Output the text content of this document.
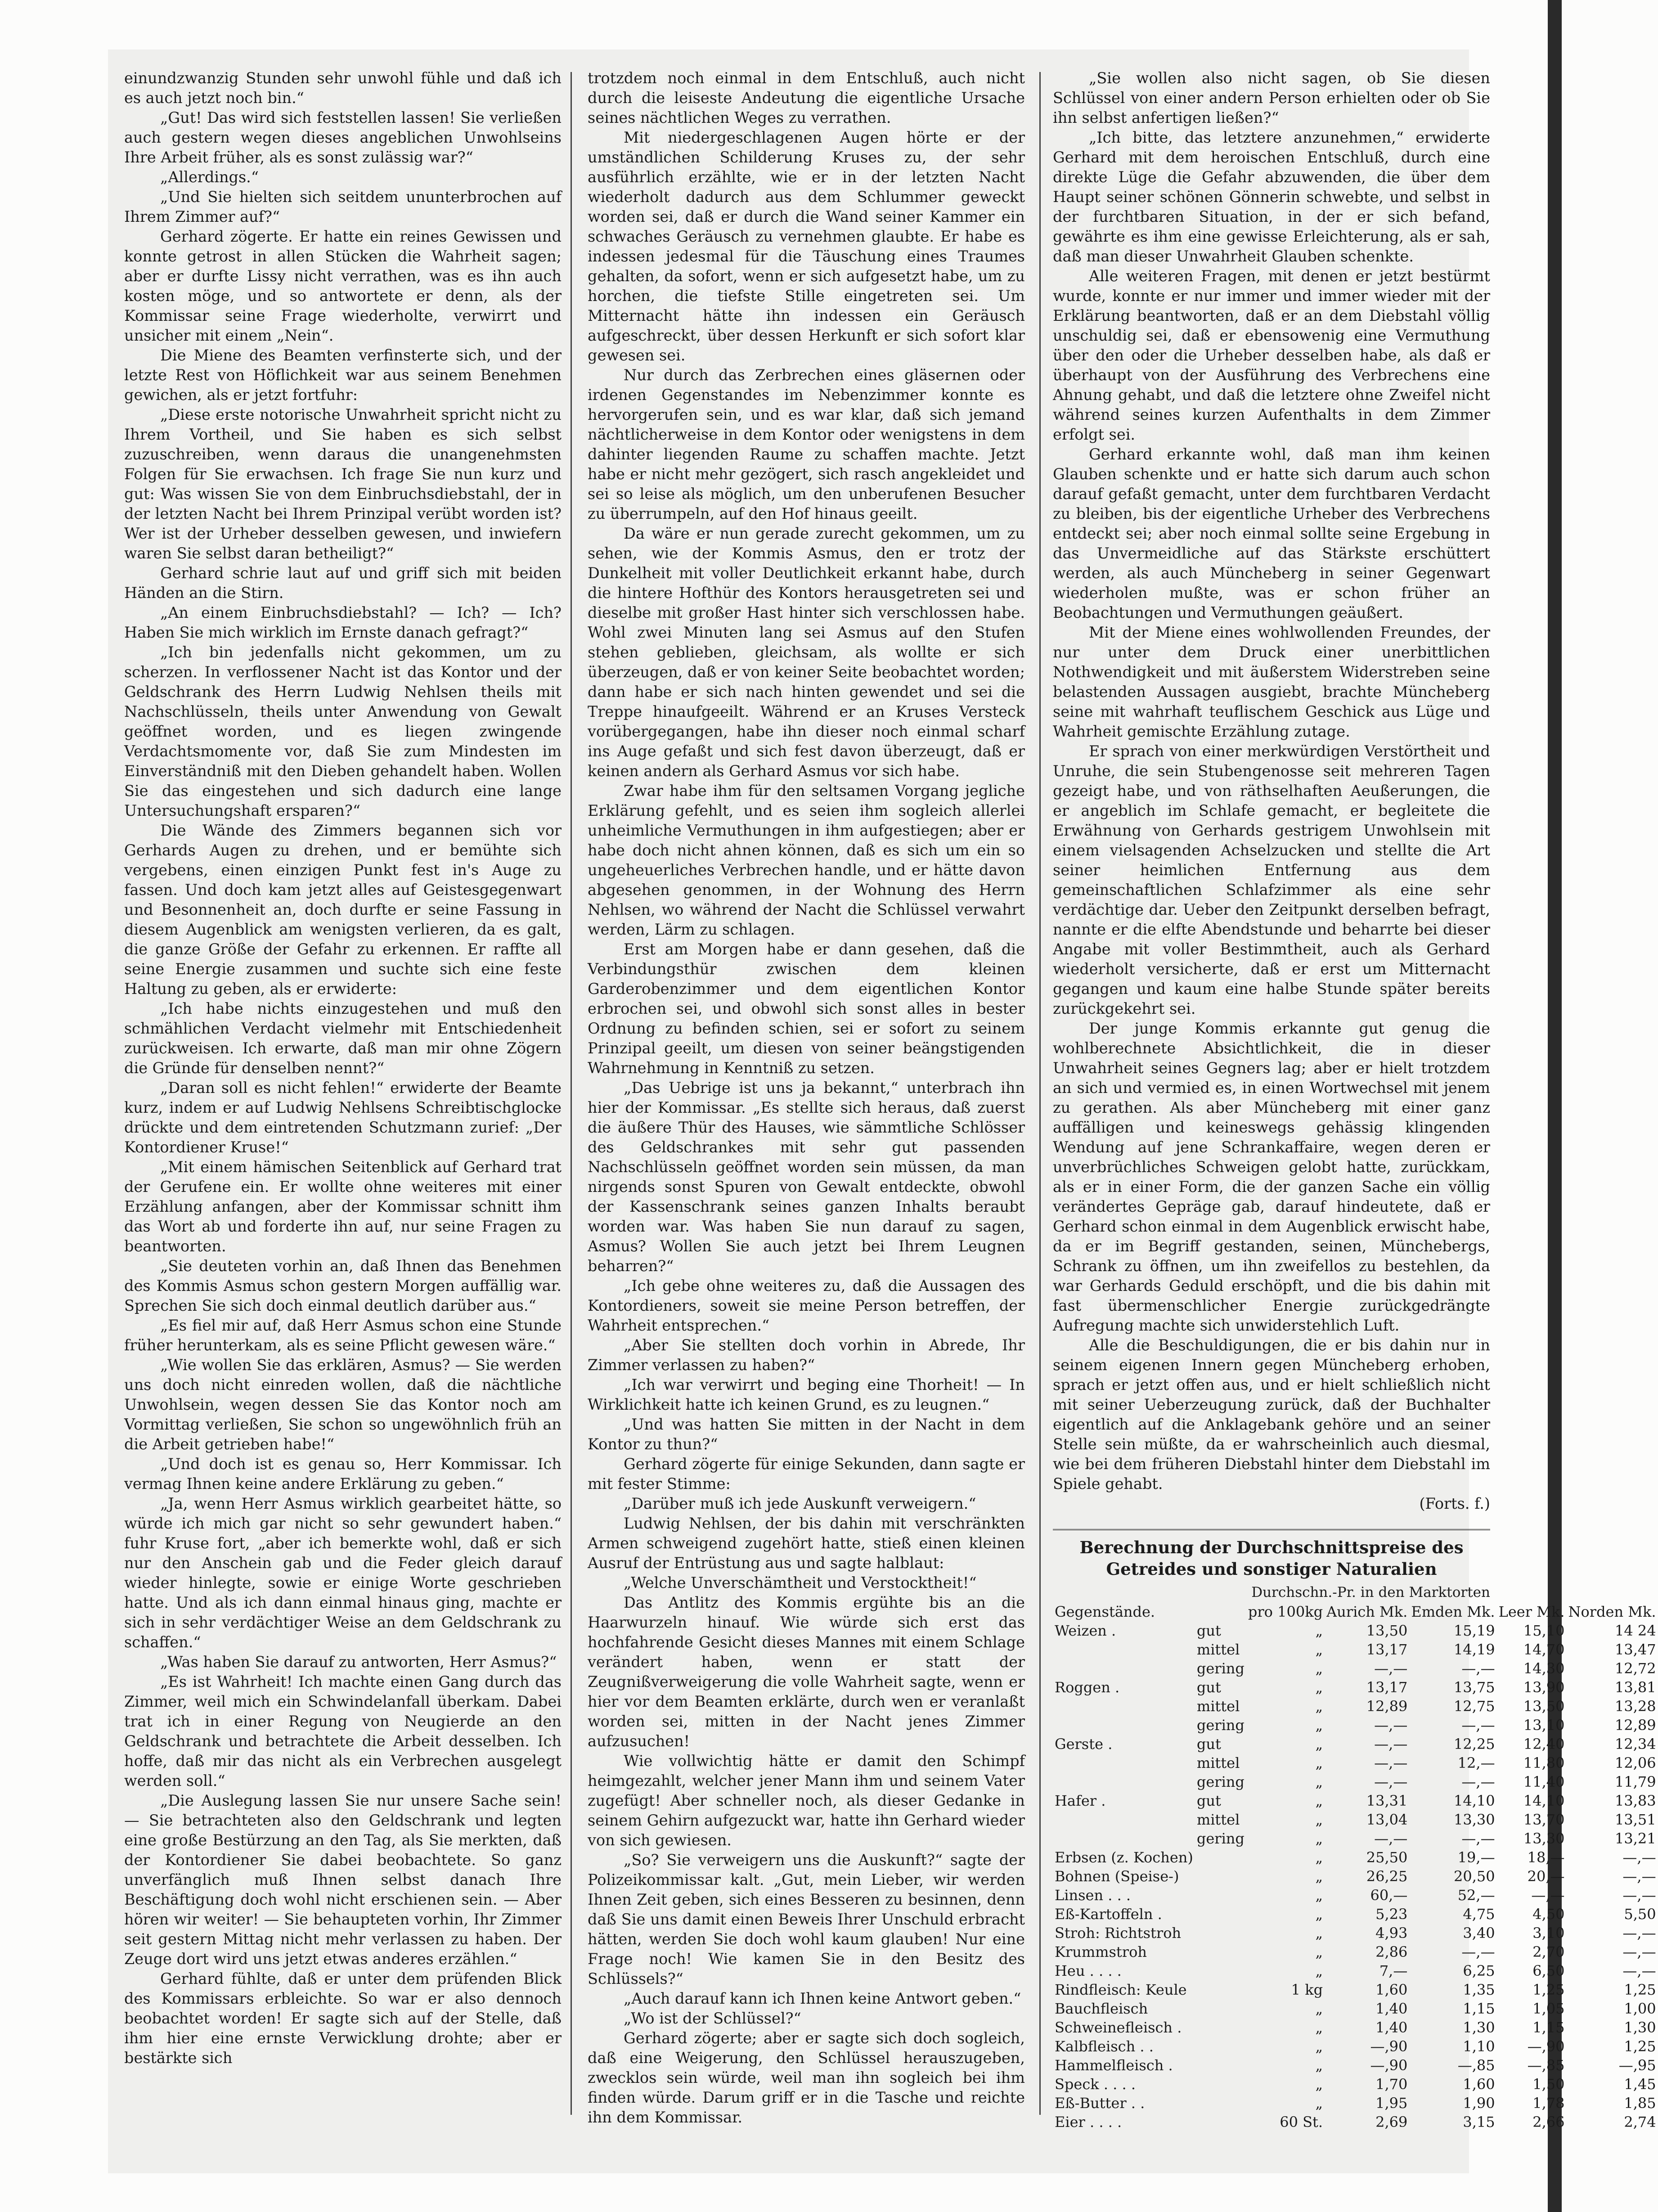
einundzwanzig Stunden sehr unwohl fühle und daß ich es auch jetzt noch bin.“

„Gut! Das wird sich feststellen lassen! Sie verließen auch gestern wegen dieses angeblichen Unwohlseins Ihre Arbeit früher, als es sonst zulässig war?“

„Allerdings.“

„Und Sie hielten sich seitdem ununterbrochen auf Ihrem Zimmer auf?“

Gerhard zögerte. Er hatte ein reines Gewissen und konnte getrost in allen Stücken die Wahrheit sagen; aber er durfte Lissy nicht verrathen, was es ihn auch kosten möge, und so antwortete er denn, als der Kommissar seine Frage wiederholte, verwirrt und unsicher mit einem „Nein“.

Die Miene des Beamten verfinsterte sich, und der letzte Rest von Höflichkeit war aus seinem Benehmen gewichen, als er jetzt fortfuhr:

„Diese erste notorische Unwahrheit spricht nicht zu Ihrem Vortheil, und Sie haben es sich selbst zuzuschreiben, wenn daraus die unangenehmsten Folgen für Sie erwachsen. Ich frage Sie nun kurz und gut: Was wissen Sie von dem Einbruchsdiebstahl, der in der letzten Nacht bei Ihrem Prinzipal verübt worden ist? Wer ist der Urheber desselben gewesen, und inwiefern waren Sie selbst daran betheiligt?“

Gerhard schrie laut auf und griff sich mit beiden Händen an die Stirn.

„An einem Einbruchsdiebstahl? — Ich? — Ich? Haben Sie mich wirklich im Ernste danach gefragt?“

„Ich bin jedenfalls nicht gekommen, um zu scherzen. In verflossener Nacht ist das Kontor und der Geldschrank des Herrn Ludwig Nehlsen theils mit Nachschlüsseln, theils unter Anwendung von Gewalt geöffnet worden, und es liegen zwingende Verdachtsmomente vor, daß Sie zum Mindesten im Einverständniß mit den Dieben gehandelt haben. Wollen Sie das eingestehen und sich dadurch eine lange Untersuchungshaft ersparen?“

Die Wände des Zimmers begannen sich vor Gerhards Augen zu drehen, und er bemühte sich vergebens, einen einzigen Punkt fest in's Auge zu fassen. Und doch kam jetzt alles auf Geistesgegenwart und Besonnenheit an, doch durfte er seine Fassung in diesem Augenblick am wenigsten verlieren, da es galt, die ganze Größe der Gefahr zu erkennen. Er raffte all seine Energie zusammen und suchte sich eine feste Haltung zu geben, als er erwiderte:

„Ich habe nichts einzugestehen und muß den schmählichen Verdacht vielmehr mit Entschiedenheit zurückweisen. Ich erwarte, daß man mir ohne Zögern die Gründe für denselben nennt?“

„Daran soll es nicht fehlen!“ erwiderte der Beamte kurz, indem er auf Ludwig Nehlsens Schreibtischglocke drückte und dem eintretenden Schutzmann zurief: „Der Kontordiener Kruse!“

„Mit einem hämischen Seitenblick auf Gerhard trat der Gerufene ein. Er wollte ohne weiteres mit einer Erzählung anfangen, aber der Kommissar schnitt ihm das Wort ab und forderte ihn auf, nur seine Fragen zu beantworten.

„Sie deuteten vorhin an, daß Ihnen das Benehmen des Kommis Asmus schon gestern Morgen auffällig war. Sprechen Sie sich doch einmal deutlich darüber aus.“

„Es fiel mir auf, daß Herr Asmus schon eine Stunde früher herunterkam, als es seine Pflicht gewesen wäre.“

„Wie wollen Sie das erklären, Asmus? — Sie werden uns doch nicht einreden wollen, daß die nächtliche Unwohlsein, wegen dessen Sie das Kontor noch am Vormittag verließen, Sie schon so ungewöhnlich früh an die Arbeit getrieben habe!“

„Und doch ist es genau so, Herr Kommissar. Ich vermag Ihnen keine andere Erklärung zu geben.“

„Ja, wenn Herr Asmus wirklich gearbeitet hätte, so würde ich mich gar nicht so sehr gewundert haben.“ fuhr Kruse fort, „aber ich bemerkte wohl, daß er sich nur den Anschein gab und die Feder gleich darauf wieder hinlegte, sowie er einige Worte geschrieben hatte. Und als ich dann einmal hinaus ging, machte er sich in sehr verdächtiger Weise an dem Geldschrank zu schaffen.“

„Was haben Sie darauf zu antworten, Herr Asmus?“

„Es ist Wahrheit! Ich machte einen Gang durch das Zimmer, weil mich ein Schwindelanfall überkam. Dabei trat ich in einer Regung von Neugierde an den Geldschrank und betrachtete die Arbeit desselben. Ich hoffe, daß mir das nicht als ein Verbrechen ausgelegt werden soll.“

„Die Auslegung lassen Sie nur unsere Sache sein! — Sie betrachteten also den Geldschrank und legten eine große Bestürzung an den Tag, als Sie merkten, daß der Kontordiener Sie dabei beobachtete. So ganz unverfänglich muß Ihnen selbst danach Ihre Beschäftigung doch wohl nicht erschienen sein. — Aber hören wir weiter! — Sie behaupteten vorhin, Ihr Zimmer seit gestern Mittag nicht mehr verlassen zu haben. Der Zeuge dort wird uns jetzt etwas anderes erzählen.“

Gerhard fühlte, daß er unter dem prüfenden Blick des Kommissars erbleichte. So war er also dennoch beobachtet worden! Er sagte sich auf der Stelle, daß ihm hier eine ernste Verwicklung drohte; aber er bestärkte sich

trotzdem noch einmal in dem Entschluß, auch nicht durch die leiseste Andeutung die eigentliche Ursache seines nächtlichen Weges zu verrathen.

Mit niedergeschlagenen Augen hörte er der umständlichen Schilderung Kruses zu, der sehr ausführlich erzählte, wie er in der letzten Nacht wiederholt dadurch aus dem Schlummer geweckt worden sei, daß er durch die Wand seiner Kammer ein schwaches Geräusch zu vernehmen glaubte. Er habe es indessen jedesmal für die Täuschung eines Traumes gehalten, da sofort, wenn er sich aufgesetzt habe, um zu horchen, die tiefste Stille eingetreten sei. Um Mitternacht hätte ihn indessen ein Geräusch aufgeschreckt, über dessen Herkunft er sich sofort klar gewesen sei.

Nur durch das Zerbrechen eines gläsernen oder irdenen Gegenstandes im Nebenzimmer konnte es hervorgerufen sein, und es war klar, daß sich jemand nächtlicherweise in dem Kontor oder wenigstens in dem dahinter liegenden Raume zu schaffen machte. Jetzt habe er nicht mehr gezögert, sich rasch angekleidet und sei so leise als möglich, um den unberufenen Besucher zu überrumpeln, auf den Hof hinaus geeilt.

Da wäre er nun gerade zurecht gekommen, um zu sehen, wie der Kommis Asmus, den er trotz der Dunkelheit mit voller Deutlichkeit erkannt habe, durch die hintere Hofthür des Kontors herausgetreten sei und dieselbe mit großer Hast hinter sich verschlossen habe. Wohl zwei Minuten lang sei Asmus auf den Stufen stehen geblieben, gleichsam, als wollte er sich überzeugen, daß er von keiner Seite beobachtet worden; dann habe er sich nach hinten gewendet und sei die Treppe hinaufgeeilt. Während er an Kruses Versteck vorübergegangen, habe ihn dieser noch einmal scharf ins Auge gefaßt und sich fest davon überzeugt, daß er keinen andern als Gerhard Asmus vor sich habe.

Zwar habe ihm für den seltsamen Vorgang jegliche Erklärung gefehlt, und es seien ihm sogleich allerlei unheimliche Vermuthungen in ihm aufgestiegen; aber er habe doch nicht ahnen können, daß es sich um ein so ungeheuerliches Verbrechen handle, und er hätte davon abgesehen genommen, in der Wohnung des Herrn Nehlsen, wo während der Nacht die Schlüssel verwahrt werden, Lärm zu schlagen.

Erst am Morgen habe er dann gesehen, daß die Verbindungsthür zwischen dem kleinen Garderobenzimmer und dem eigentlichen Kontor erbrochen sei, und obwohl sich sonst alles in bester Ordnung zu befinden schien, sei er sofort zu seinem Prinzipal geeilt, um diesen von seiner beängstigenden Wahrnehmung in Kenntniß zu setzen.

„Das Uebrige ist uns ja bekannt,“ unterbrach ihn hier der Kommissar. „Es stellte sich heraus, daß zuerst die äußere Thür des Hauses, wie sämmtliche Schlösser des Geldschrankes mit sehr gut passenden Nachschlüsseln geöffnet worden sein müssen, da man nirgends sonst Spuren von Gewalt entdeckte, obwohl der Kassenschrank seines ganzen Inhalts beraubt worden war. Was haben Sie nun darauf zu sagen, Asmus? Wollen Sie auch jetzt bei Ihrem Leugnen beharren?“

„Ich gebe ohne weiteres zu, daß die Aussagen des Kontordieners, soweit sie meine Person betreffen, der Wahrheit entsprechen.“

„Aber Sie stellten doch vorhin in Abrede, Ihr Zimmer verlassen zu haben?“

„Ich war verwirrt und beging eine Thorheit! — In Wirklichkeit hatte ich keinen Grund, es zu leugnen.“

„Und was hatten Sie mitten in der Nacht in dem Kontor zu thun?“

Gerhard zögerte für einige Sekunden, dann sagte er mit fester Stimme:

„Darüber muß ich jede Auskunft verweigern.“

Ludwig Nehlsen, der bis dahin mit verschränkten Armen schweigend zugehört hatte, stieß einen kleinen Ausruf der Entrüstung aus und sagte halblaut:

„Welche Unverschämtheit und Verstocktheit!“

Das Antlitz des Kommis ergühte bis an die Haarwurzeln hinauf. Wie würde sich erst das hochfahrende Gesicht dieses Mannes mit einem Schlage verändert haben, wenn er statt der Zeugnißverweigerung die volle Wahrheit sagte, wenn er hier vor dem Beamten erklärte, durch wen er veranlaßt worden sei, mitten in der Nacht jenes Zimmer aufzusuchen!

Wie vollwichtig hätte er damit den Schimpf heimgezahlt, welcher jener Mann ihm und seinem Vater zugefügt! Aber schneller noch, als dieser Gedanke in seinem Gehirn aufgezuckt war, hatte ihn Gerhard wieder von sich gewiesen.

„So? Sie verweigern uns die Auskunft?“ sagte der Polizeikommissar kalt. „Gut, mein Lieber, wir werden Ihnen Zeit geben, sich eines Besseren zu besinnen, denn daß Sie uns damit einen Beweis Ihrer Unschuld erbracht hätten, werden Sie doch wohl kaum glauben! Nur eine Frage noch! Wie kamen Sie in den Besitz des Schlüssels?“

„Auch darauf kann ich Ihnen keine Antwort geben.“

„Wo ist der Schlüssel?“

Gerhard zögerte; aber er sagte sich doch sogleich, daß eine Weigerung, den Schlüssel herauszugeben, zwecklos sein würde, weil man ihn sogleich bei ihm finden würde. Darum griff er in die Tasche und reichte ihn dem Kommissar.

„Sie wollen also nicht sagen, ob Sie diesen Schlüssel von einer andern Person erhielten oder ob Sie ihn selbst anfertigen ließen?“

„Ich bitte, das letztere anzunehmen,“ erwiderte Gerhard mit dem heroischen Entschluß, durch eine direkte Lüge die Gefahr abzuwenden, die über dem Haupt seiner schönen Gönnerin schwebte, und selbst in der furchtbaren Situation, in der er sich befand, gewährte es ihm eine gewisse Erleichterung, als er sah, daß man dieser Unwahrheit Glauben schenkte.

Alle weiteren Fragen, mit denen er jetzt bestürmt wurde, konnte er nur immer und immer wieder mit der Erklärung beantworten, daß er an dem Diebstahl völlig unschuldig sei, daß er ebensowenig eine Vermuthung über den oder die Urheber desselben habe, als daß er überhaupt von der Ausführung des Verbrechens eine Ahnung gehabt, und daß die letztere ohne Zweifel nicht während seines kurzen Aufenthalts in dem Zimmer erfolgt sei.

Gerhard erkannte wohl, daß man ihm keinen Glauben schenkte und er hatte sich darum auch schon darauf gefaßt gemacht, unter dem furchtbaren Verdacht zu bleiben, bis der eigentliche Urheber des Verbrechens entdeckt sei; aber noch einmal sollte seine Ergebung in das Unvermeidliche auf das Stärkste erschüttert werden, als auch Müncheberg in seiner Gegenwart wiederholen mußte, was er schon früher an Beobachtungen und Vermuthungen geäußert.

Mit der Miene eines wohlwollenden Freundes, der nur unter dem Druck einer unerbittlichen Nothwendigkeit und mit äußerstem Widerstreben seine belastenden Aussagen ausgiebt, brachte Müncheberg seine mit wahrhaft teuflischem Geschick aus Lüge und Wahrheit gemischte Erzählung zutage.

Er sprach von einer merkwürdigen Verstörtheit und Unruhe, die sein Stubengenosse seit mehreren Tagen gezeigt habe, und von räthselhaften Aeußerungen, die er angeblich im Schlafe gemacht, er begleitete die Erwähnung von Gerhards gestrigem Unwohlsein mit einem vielsagenden Achselzucken und stellte die Art seiner heimlichen Entfernung aus dem gemeinschaftlichen Schlafzimmer als eine sehr verdächtige dar. Ueber den Zeitpunkt derselben befragt, nannte er die elfte Abendstunde und beharrte bei dieser Angabe mit voller Bestimmtheit, auch als Gerhard wiederholt versicherte, daß er erst um Mitternacht gegangen und kaum eine halbe Stunde später bereits zurückgekehrt sei.

Der junge Kommis erkannte gut genug die wohlberechnete Absichtlichkeit, die in dieser Unwahrheit seines Gegners lag; aber er hielt trotzdem an sich und vermied es, in einen Wortwechsel mit jenem zu gerathen. Als aber Müncheberg mit einer ganz auffälligen und keineswegs gehässig klingenden Wendung auf jene Schrankaffaire, wegen deren er unverbrüchliches Schweigen gelobt hatte, zurückkam, als er in einer Form, die der ganzen Sache ein völlig verändertes Gepräge gab, darauf hindeutete, daß er Gerhard schon einmal in dem Augenblick erwischt habe, da er im Begriff gestanden, seinen, Münchebergs, Schrank zu öffnen, um ihn zweifellos zu bestehlen, da war Gerhards Geduld erschöpft, und die bis dahin mit fast übermenschlicher Energie zurückgedrängte Aufregung machte sich unwiderstehlich Luft.

Alle die Beschuldigungen, die er bis dahin nur in seinem eigenen Innern gegen Müncheberg erhoben, sprach er jetzt offen aus, und er hielt schließlich nicht mit seiner Ueberzeugung zurück, daß der Buchhalter eigentlich auf die Anklagebank gehöre und an seiner Stelle sein müßte, da er wahrscheinlich auch diesmal, wie bei dem früheren Diebstahl hinter dem Diebstahl im Spiele gehabt.

(Forts. f.)

Berechnung der Durchschnittspreise des Getreides und sonstiger Naturalien
Durchschn.-Pr. in den Marktorten
Gegenstände.		pro 100kg	Aurich Mk.	Emden Mk.	Leer Mk.	Norden Mk.
Weizen .	gut	„	13,50	15,19	15,10	14 24
	mittel	„	13,17	14,19	14,70	13,47
	gering	„	—,—	—,—	14,30	12,72
Roggen .	gut	„	13,17	13,75	13,90	13,81
	mittel	„	12,89	12,75	13,50	13,28
	gering	„	—,—	—,—	13,10	12,89
Gerste .	gut	„	—,—	12,25	12,40	12,34
	mittel	„	—,—	12,—	11,80	12,06
	gering	„	—,—	—,—	11,40	11,79
Hafer .	gut	„	13,31	14,10	14,10	13,83
	mittel	„	13,04	13,30	13,70	13,51
	gering	„	—,—	—,—	13,30	13,21
Erbsen (z. Kochen)		„	25,50	19,—	18,—	—,—
Bohnen (Speise-)		„	26,25	20,50	20,—	—,—
Linsen . . .		„	60,—	52,—	—,—	—,—
Eß-Kartoffeln .		„	5,23	4,75	4,50	5,50
Stroh: Richtstroh		„	4,93	3,40	3,10	—,—
Krummstroh		„	2,86	—,—	2,70	—,—
Heu . . . .		„	7,—	6,25	6,50	—,—
Rindfleisch: Keule		1 kg	1,60	1,35	1,25	1,25
Bauchfleisch		„	1,40	1,15	1,05	1,00
Schweinefleisch .		„	1,40	1,30	1,15	1,30
Kalbfleisch . .		„	—,90	1,10	—,90	1,25
Hammelfleisch .		„	—,90	—,85	—,85	—,95
Speck . . . .		„	1,70	1,60	1,50	1,45
Eß-Butter . .		„	1,95	1,90	1,78	1,85
Eier . . . .		60 St.	2,69	3,15	2,66	2,74
